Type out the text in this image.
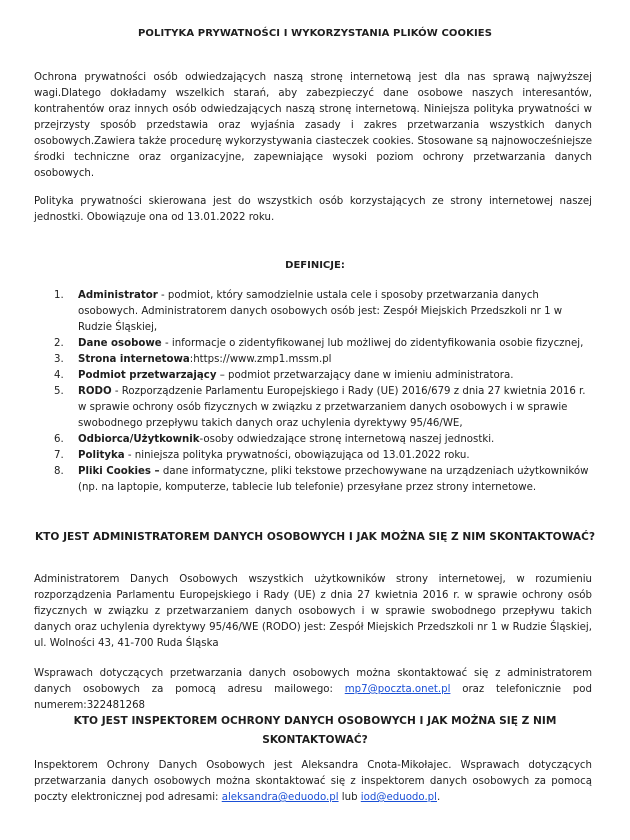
POLITYKA PRYWATNOŚCI I WYKORZYSTANIA PLIKÓW COOKIES

Ochrona prywatności osób odwiedzających naszą stronę internetową jest dla nas sprawą najwyższej wagi.Dlatego dokładamy wszelkich starań, aby zabezpieczyć dane osobowe naszych interesantów, kontrahentów oraz innych osób odwiedzających naszą stronę internetową. Niniejsza polityka prywatności w przejrzysty sposób przedstawia oraz wyjaśnia zasady i zakres przetwarzania wszystkich danych osobowych.Zawiera także procedurę wykorzystywania ciasteczek cookies. Stosowane są najnowocześniejsze środki techniczne oraz organizacyjne, zapewniające wysoki poziom ochrony przetwarzania danych osobowych.

Polityka prywatności skierowana jest do wszystkich osób korzystających ze strony internetowej naszej jednostki. Obowiązuje ona od 13.01.2022 roku.

DEFINICJE:
1. Administrator - podmiot, który samodzielnie ustala cele i sposoby przetwarzania danych osobowych. Administratorem danych osobowych osób jest: Zespół Miejskich Przedszkoli nr 1 w Rudzie Śląskiej,
2. Dane osobowe - informacje o zidentyfikowanej lub możliwej do zidentyfikowania osobie fizycznej,
3. Strona internetowa:https://www.zmp1.mssm.pl
4. Podmiot przetwarzający – podmiot przetwarzający dane w imieniu administratora.
5. RODO - Rozporządzenie Parlamentu Europejskiego i Rady (UE) 2016/679 z dnia 27 kwietnia 2016 r. w sprawie ochrony osób fizycznych w związku z przetwarzaniem danych osobowych i w sprawie swobodnego przepływu takich danych oraz uchylenia dyrektywy 95/46/WE,
6. Odbiorca/Użytkownik-osoby odwiedzające stronę internetową naszej jednostki.
7. Polityka - niniejsza polityka prywatności, obowiązująca od 13.01.2022 roku.
8. Pliki Cookies – dane informatyczne, pliki tekstowe przechowywane na urządzeniach użytkowników (np. na laptopie, komputerze, tablecie lub telefonie) przesyłane przez strony internetowe.
KTO JEST ADMINISTRATOREM DANYCH OSOBOWYCH I JAK MOŻNA SIĘ Z NIM SKONTAKTOWAĆ?

Administratorem Danych Osobowych wszystkich użytkowników strony internetowej, w rozumieniu rozporządzenia Parlamentu Europejskiego i Rady (UE) z dnia 27 kwietnia 2016 r. w sprawie ochrony osób fizycznych w związku z przetwarzaniem danych osobowych i w sprawie swobodnego przepływu takich danych oraz uchylenia dyrektywy 95/46/WE (RODO) jest: Zespół Miejskich Przedszkoli nr 1 w Rudzie Śląskiej, ul. Wolności 43, 41-700 Ruda Śląska

Wsprawach dotyczących przetwarzania danych osobowych można skontaktować się z administratorem danych osobowych za pomocą adresu mailowego: mp7@poczta.onet.pl oraz telefonicznie pod numerem:322481268

KTO JEST INSPEKTOREM OCHRONY DANYCH OSOBOWYCH I JAK MOŻNA SIĘ Z NIM SKONTAKTOWAĆ?

Inspektorem Ochrony Danych Osobowych jest Aleksandra Cnota-Mikołajec. Wsprawach dotyczących przetwarzania danych osobowych można skontaktować się z inspektorem danych osobowych za pomocą poczty elektronicznej pod adresami: aleksandra@eduodo.pl lub iod@eduodo.pl.
